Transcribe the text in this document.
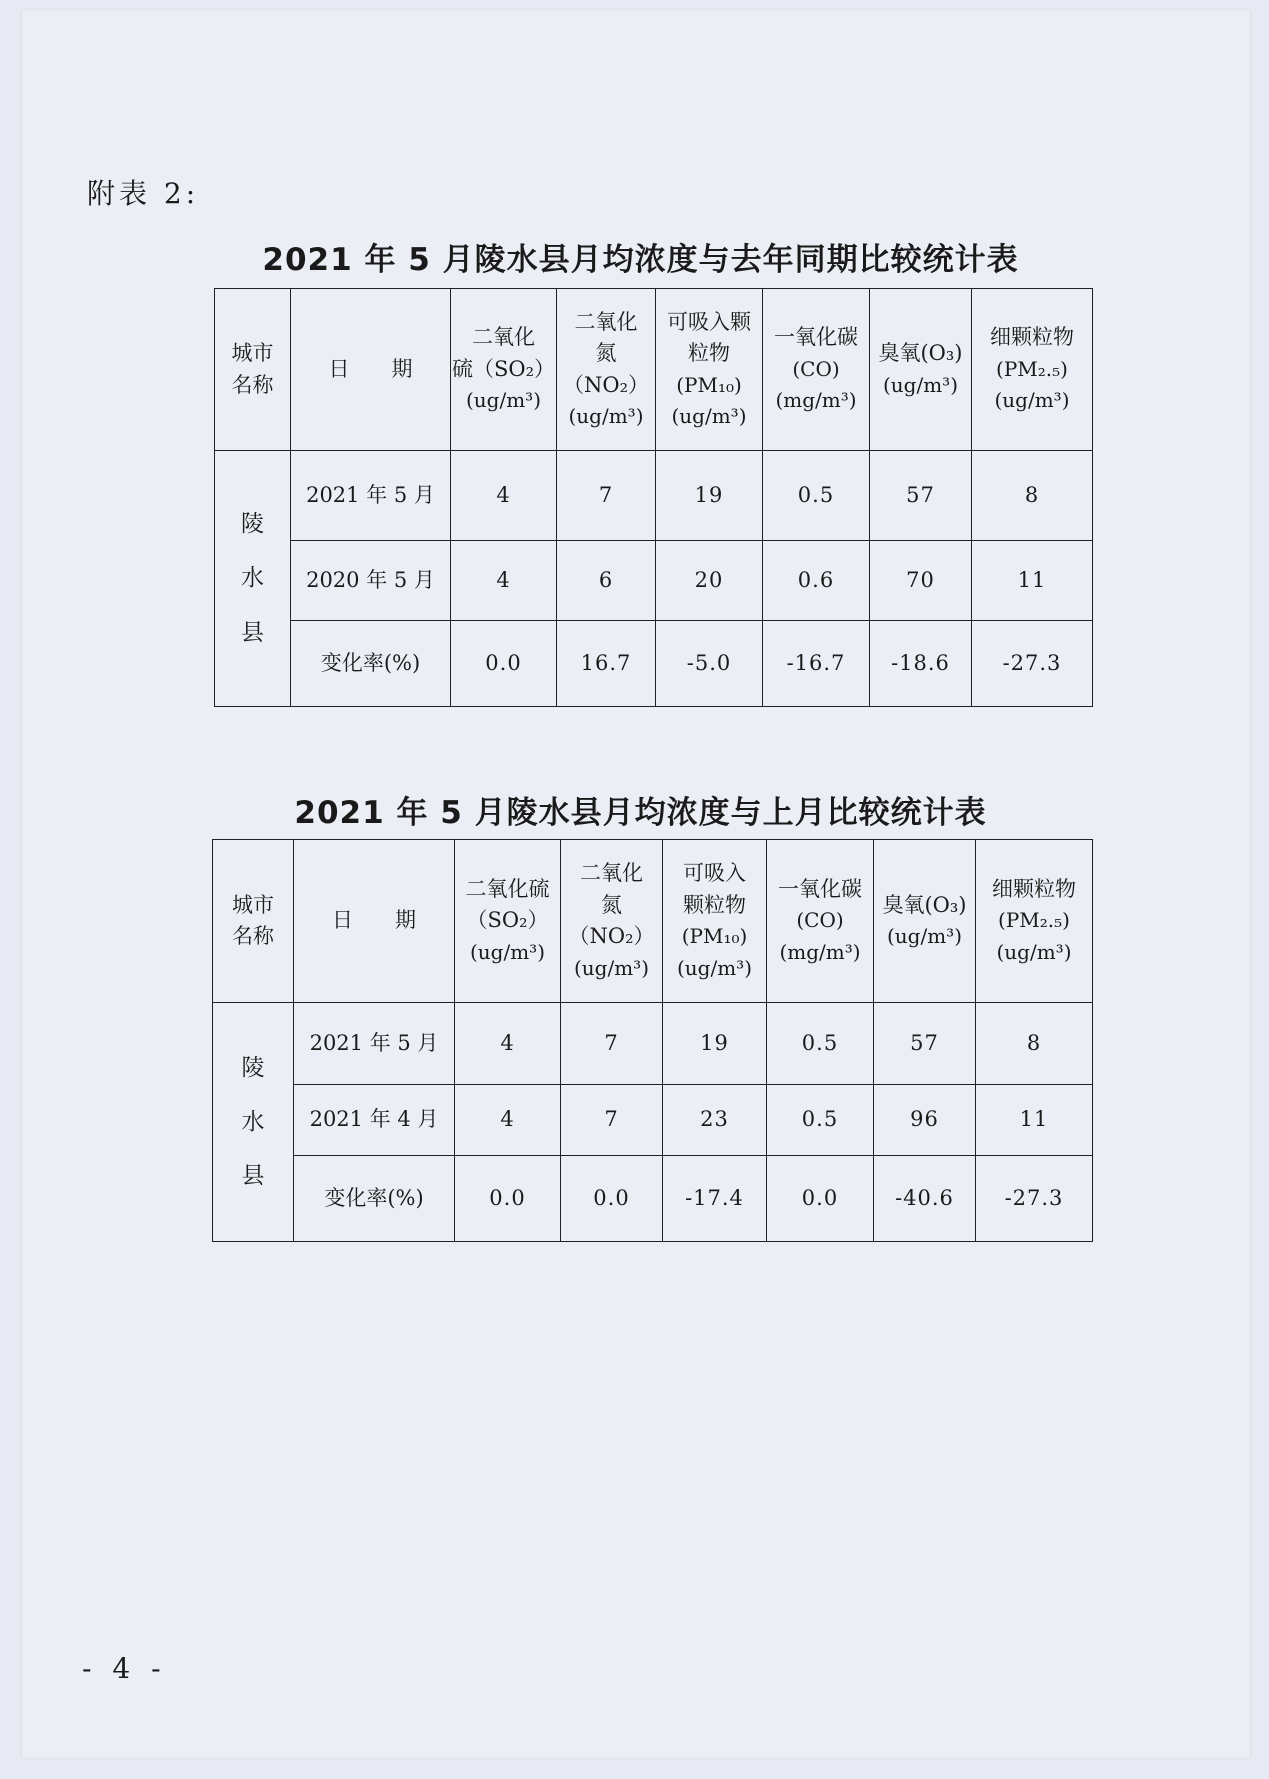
附表 2:
2021 年 5 月陵水县月均浓度与去年同期比较统计表
城市
名称	日　　期	二氧化
硫（SO₂）
(ug/m³)	二氧化
氮（NO₂）
(ug/m³)	可吸入颗
粒物
(PM₁₀)
(ug/m³)	一氧化碳
(CO)
(mg/m³)	臭氧(O₃)
(ug/m³)	细颗粒物
(PM₂.₅)
(ug/m³)
陵
水
县	2021 年 5 月	4	7	19	0.5	57	8
	2020 年 5 月	4	6	20	0.6	70	11
	变化率(%)	0.0	16.7	-5.0	-16.7	-18.6	-27.3
2021 年 5 月陵水县月均浓度与上月比较统计表
城市
名称	日　　期	二氧化硫
（SO₂）
(ug/m³)	二氧化
氮（NO₂）
(ug/m³)	可吸入
颗粒物
(PM₁₀)
(ug/m³)	一氧化碳
(CO)
(mg/m³)	臭氧(O₃)
(ug/m³)	细颗粒物
(PM₂.₅)
(ug/m³)
陵
水
县	2021 年 5 月	4	7	19	0.5	57	8
	2021 年 4 月	4	7	23	0.5	96	11
	变化率(%)	0.0	0.0	-17.4	0.0	-40.6	-27.3
- 4 -
